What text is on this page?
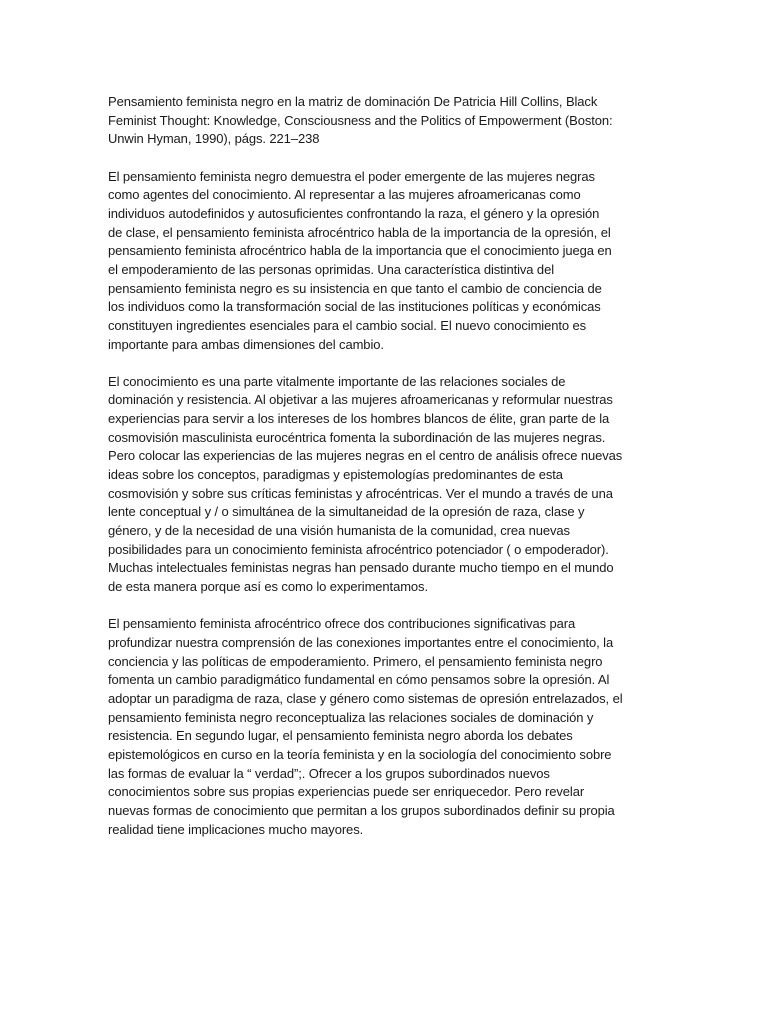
Pensamiento feminista negro en la matriz de dominación De Patricia Hill Collins, Black
Feminist Thought: Knowledge, Consciousness and the Politics of Empowerment (Boston:
Unwin Hyman, 1990), págs. 221–238

El pensamiento feminista negro demuestra el poder emergente de las mujeres negras
como agentes del conocimiento. Al representar a las mujeres afroamericanas como
individuos autodefinidos y autosuficientes confrontando la raza, el género y la opresión
de clase, el pensamiento feminista afrocéntrico habla de la importancia de la opresión, el
pensamiento feminista afrocéntrico habla de la importancia que el conocimiento juega en
el empoderamiento de las personas oprimidas. Una característica distintiva del
pensamiento feminista negro es su insistencia en que tanto el cambio de conciencia de
los individuos como la transformación social de las instituciones políticas y económicas
constituyen ingredientes esenciales para el cambio social. El nuevo conocimiento es
importante para ambas dimensiones del cambio.

El conocimiento es una parte vitalmente importante de las relaciones sociales de
dominación y resistencia. Al objetivar a las mujeres afroamericanas y reformular nuestras
experiencias para servir a los intereses de los hombres blancos de élite, gran parte de la
cosmovisión masculinista eurocéntrica fomenta la subordinación de las mujeres negras.
Pero colocar las experiencias de las mujeres negras en el centro de análisis ofrece nuevas
ideas sobre los conceptos, paradigmas y epistemologías predominantes de esta
cosmovisión y sobre sus críticas feministas y afrocéntricas. Ver el mundo a través de una
lente conceptual y / o simultánea de la simultaneidad de la opresión de raza, clase y
género, y de la necesidad de una visión humanista de la comunidad, crea nuevas
posibilidades para un conocimiento feminista afrocéntrico potenciador ( o empoderador).
Muchas intelectuales feministas negras han pensado durante mucho tiempo en el mundo
de esta manera porque así es como lo experimentamos.

El pensamiento feminista afrocéntrico ofrece dos contribuciones significativas para
profundizar nuestra comprensión de las conexiones importantes entre el conocimiento, la
conciencia y las políticas de empoderamiento. Primero, el pensamiento feminista negro
fomenta un cambio paradigmático fundamental en cómo pensamos sobre la opresión. Al
adoptar un paradigma de raza, clase y género como sistemas de opresión entrelazados, el
pensamiento feminista negro reconceptualiza las relaciones sociales de dominación y
resistencia. En segundo lugar, el pensamiento feminista negro aborda los debates
epistemológicos en curso en la teoría feminista y en la sociología del conocimiento sobre
las formas de evaluar la “ verdad”;. Ofrecer a los grupos subordinados nuevos
conocimientos sobre sus propias experiencias puede ser enriquecedor. Pero revelar
nuevas formas de conocimiento que permitan a los grupos subordinados definir su propia
realidad tiene implicaciones mucho mayores.
